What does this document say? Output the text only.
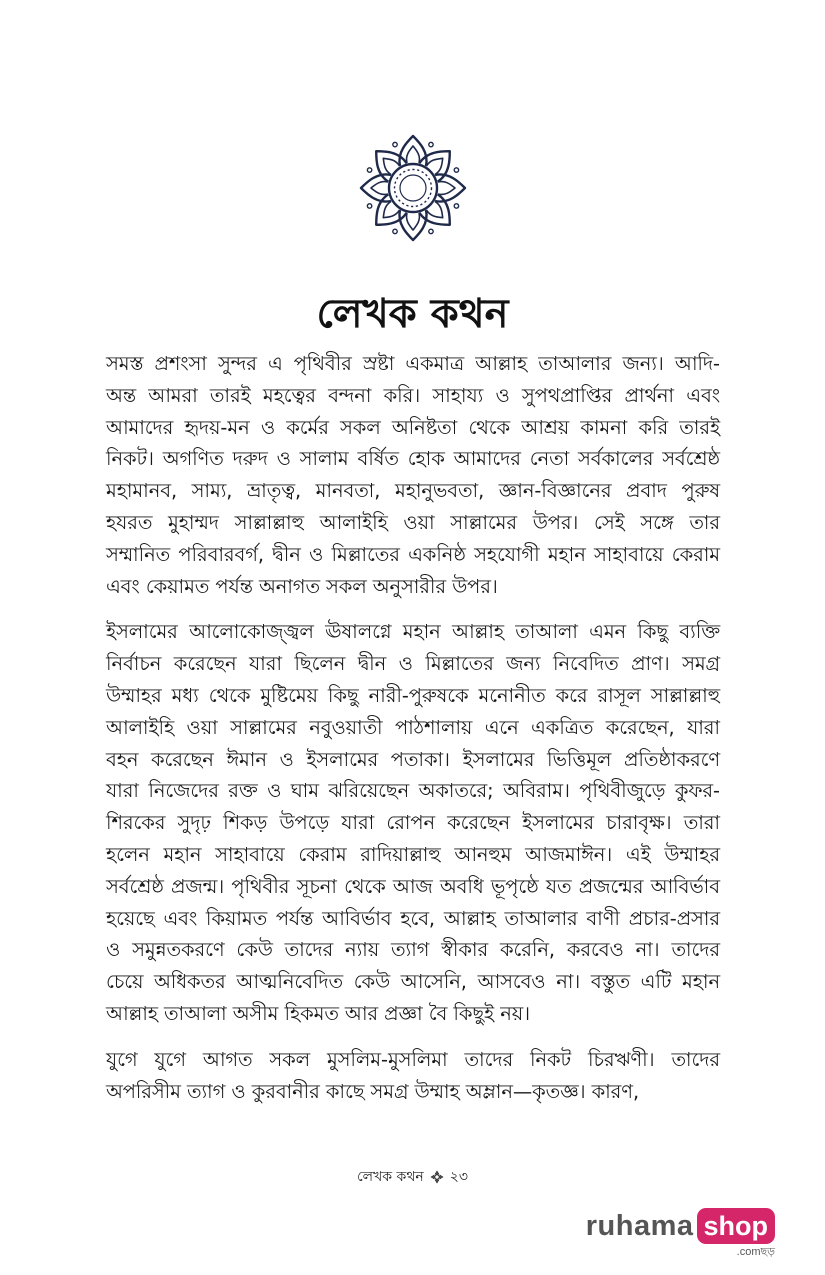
লেখক কথন
সমস্ত প্রশংসা সুন্দর এ পৃথিবীর স্রষ্টা একমাত্র আল্লাহ তাআলার জন্য। আদি-
অন্ত আমরা তারই মহত্বের বন্দনা করি। সাহায্য ও সুপথপ্রাপ্তির প্রার্থনা এবং
আমাদের হৃদয়-মন ও কর্মের সকল অনিষ্টতা থেকে আশ্রয় কামনা করি তারই
নিকট। অগণিত দরুদ ও সালাম বর্ষিত হোক আমাদের নেতা সর্বকালের সর্বশ্রেষ্ঠ
মহামানব, সাম্য, ভ্রাতৃত্ব, মানবতা, মহানুভবতা, জ্ঞান-বিজ্ঞানের প্রবাদ পুরুষ
হযরত মুহাম্মদ সাল্লাল্লাহু আলাইহি ওয়া সাল্লামের উপর। সেই সঙ্গে তার
সম্মানিত পরিবারবর্গ, দ্বীন ও মিল্লাতের একনিষ্ঠ সহযোগী মহান সাহাবায়ে কেরাম
এবং কেয়ামত পর্যন্ত অনাগত সকল অনুসারীর উপর।
ইসলামের আলোকোজ্জ্বল ঊষালগ্নে মহান আল্লাহ তাআলা এমন কিছু ব্যক্তি
নির্বাচন করেছেন যারা ছিলেন দ্বীন ও মিল্লাতের জন্য নিবেদিত প্রাণ। সমগ্র
উম্মাহর মধ্য থেকে মুষ্টিমেয় কিছু নারী-পুরুষকে মনোনীত করে রাসূল সাল্লাল্লাহু
আলাইহি ওয়া সাল্লামের নবুওয়াতী পাঠশালায় এনে একত্রিত করেছেন, যারা
বহন করেছেন ঈমান ও ইসলামের পতাকা। ইসলামের ভিত্তিমূল প্রতিষ্ঠাকরণে
যারা নিজেদের রক্ত ও ঘাম ঝরিয়েছেন অকাতরে; অবিরাম। পৃথিবীজুড়ে কুফর-
শিরকের সুদৃঢ় শিকড় উপড়ে যারা রোপন করেছেন ইসলামের চারাবৃক্ষ। তারা
হলেন মহান সাহাবায়ে কেরাম রাদিয়াল্লাহু আনহুম আজমাঈন। এই উম্মাহর
সর্বশ্রেষ্ঠ প্রজন্ম। পৃথিবীর সূচনা থেকে আজ অবধি ভূপৃষ্ঠে যত প্রজন্মের আবির্ভাব
হয়েছে এবং কিয়ামত পর্যন্ত আবির্ভাব হবে, আল্লাহ তাআলার বাণী প্রচার-প্রসার
ও সমুন্নতকরণে কেউ তাদের ন্যায় ত্যাগ স্বীকার করেনি, করবেও না। তাদের
চেয়ে অধিকতর আত্মনিবেদিত কেউ আসেনি, আসবেও না। বস্তুত এটি মহান
আল্লাহ তাআলা অসীম হিকমত আর প্রজ্ঞা বৈ কিছুই নয়।
যুগে যুগে আগত সকল মুসলিম-মুসলিমা তাদের নিকট চিরঋণী। তাদের
অপরিসীম ত্যাগ ও কুরবানীর কাছে সমগ্র উম্মাহ অম্লান—কৃতজ্ঞ। কারণ,
লেখক কথন ২৩
ruhama shop
.comছড়
